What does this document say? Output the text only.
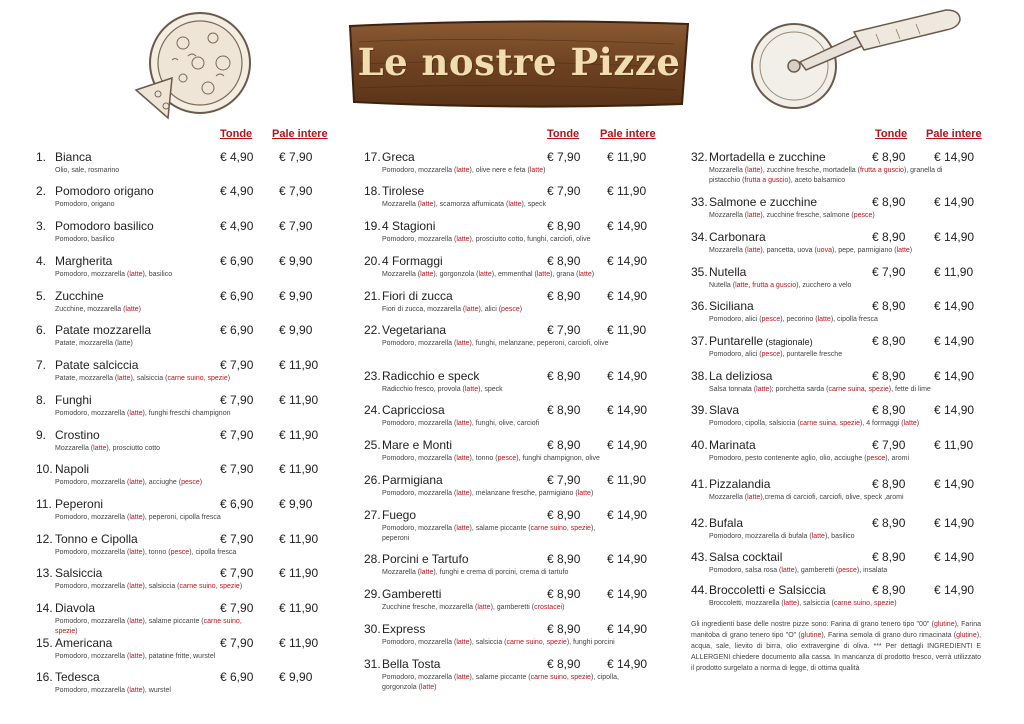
Le nostre Pizze
Tonde Pale intere	Tonde Pale intere	Tonde Pale intere
1. Bianca	€ 4,90 € 7,90
Olio, sale, rosmarino
2. Pomodoro origano	€ 4,90 € 7,90
Pomodoro, origano
3. Pomodoro basilico	€ 4,90 € 7,90
Pomodoro, basilico
4. Margherita	€ 6,90 € 9,90
Pomodoro, mozzarella (latte), basilico
5. Zucchine	€ 6,90 € 9,90
Zucchine, mozzarella (latte)
6. Patate mozzarella	€ 6,90 € 9,90
Patate, mozzarella (latte)
7. Patate salciccia	€ 7,90 € 11,90
Patate, mozzarella (latte), salsiccia (carne suino, spezie)
8. Funghi	€ 7,90 € 11,90
Pomodoro, mozzarella (latte), funghi freschi champignon
9. Crostino	€ 7,90 € 11,90
Mozzarella (latte), prosciutto cotto
10. Napoli	€ 7,90 € 11,90
Pomodoro, mozzarella (latte), acciughe (pesce)
11. Peperoni	€ 6,90 € 9,90
Pomodoro, mozzarella (latte), peperoni, cipolla fresca
12. Tonno e Cipolla	€ 7,90 € 11,90
Pomodoro, mozzarella (latte), tonno (pesce), cipolla fresca
13. Salsiccia	€ 7,90 € 11,90
Pomodoro, mozzarella (latte), salsiccia (carne suino, spezie)
14. Diavola	€ 7,90 € 11,90
Pomodoro, mozzarella (latte), salame piccante (carne suino, spezie)
15. Americana	€ 7,90 € 11,90
Pomodoro, mozzarella (latte), patatine fritte, wurstel
16. Tedesca	€ 6,90 € 9,90
Pomodoro, mozzarella (latte), wurstel
17. Greca	€ 7,90 € 11,90
Pomodoro, mozzarella (latte), olive nere e feta (latte)
18. Tirolese	€ 7,90 € 11,90
Mozzarella (latte), scamorza affumicata (latte), speck
19. 4 Stagioni	€ 8,90 € 14,90
Pomodoro, mozzarella (latte), prosciutto cotto, funghi, carciofi, olive
20. 4 Formaggi	€ 8,90 € 14,90
Mozzarella (latte), gorgonzola (latte), emmenthal (latte), grana (latte)
21. Fiori di zucca	€ 8,90 € 14,90
Fiori di zucca, mozzarella (latte), alici (pesce)
22. Vegetariana	€ 7,90 € 11,90
Pomodoro, mozzarella (latte), funghi, melanzane, peperoni, carciofi, olive
23. Radicchio e speck	€ 8,90 € 14,90
Radicchio fresco, provola (latte), speck
24. Capricciosa	€ 8,90 € 14,90
Pomodoro, mozzarella (latte), funghi, olive, carciofi
25. Mare e Monti	€ 8,90 € 14,90
Pomodoro, mozzarella (latte), tonno (pesce), funghi champignon, olive
26. Parmigiana	€ 7,90 € 11,90
Pomodoro, mozzarella (latte), melanzane fresche, parmigiano (latte)
27. Fuego	€ 8,90 € 14,90
Pomodoro, mozzarella (latte), salame piccante (carne suino, spezie), peperoni
28. Porcini e Tartufo	€ 8,90 € 14,90
Mozzarella (latte), funghi e crema di porcini, crema di tartufo
29. Gamberetti	€ 8,90 € 14,90
Zucchine fresche, mozzarella (latte), gamberetti (crostacei)
30. Express	€ 8,90 € 14,90
Pomodoro, mozzarella (latte), salsiccia (carne suino, spezie), funghi porcini
31. Bella Tosta	€ 8,90 € 14,90
Pomodoro, mozzarella (latte), salame piccante (carne suino, spezie), cipolla, gorgonzola (latte)
32. Mortadella e zucchine	€ 8,90 € 14,90
Mozzarella (latte), zucchine fresche, mortadella (frutta a guscio), granella di pistacchio (frutta a guscio), aceto balsamico
33. Salmone e zucchine	€ 8,90 € 14,90
Mozzarella (latte), zucchine fresche, salmone (pesce)
34. Carbonara	€ 8,90 € 14,90
Mozzarella (latte), pancetta, uova (uova), pepe, parmigiano (latte)
35. Nutella	€ 7,90 € 11,90
Nutella (latte, frutta a guscio), zucchero a velo
36. Siciliana	€ 8,90 € 14,90
Pomodoro, alici (pesce), pecorino (latte), cipolla fresca
37. Puntarelle (stagionale)	€ 8,90 € 14,90
Pomodoro, alici (pesce), puntarelle fresche
38. La deliziosa	€ 8,90 € 14,90
Salsa tonnata (latte); porchetta sarda (carne suina, spezie), fette di lime
39. Slava	€ 8,90 € 14,90
Pomodoro, cipolla, salsiccia (carne suina, spezie), 4 formaggi (latte)
40. Marinata	€ 7,90 € 11,90
Pomodoro, pesto contenente aglio, olio, acciughe (pesce), aromi
41. Pizzalandia	€ 8,90 € 14,90
Mozzarella (latte),crema di carciofi, carciofi, olive, speck ,aromi
42. Bufala	€ 8,90 € 14,90
Pomodoro, mozzarella di bufala (latte), basilico
43. Salsa cocktail	€ 8,90 € 14,90
Pomodoro, salsa rosa (latte), gamberetti (pesce), insalata
44. Broccoletti e Salsiccia	€ 8,90 € 14,90
Broccoletti, mozzarella (latte), salsiccia (carne suino, spezie)
Gli ingredienti base delle nostre pizze sono: Farina di grano tenero tipo "00" (glutine), Farina manitoba di grano tenero tipo "O" (glutine), Farina semola di grano duro rimacinata (glutine), acqua, sale, lievito di birra, olio extravergine di oliva. *** Per dettagli INGREDIENTI E ALLERGENI chiedere documento alla cassa. In mancanza di prodotto fresco, verrà utilizzato il prodotto surgelato a norma di legge, di ottima qualità
